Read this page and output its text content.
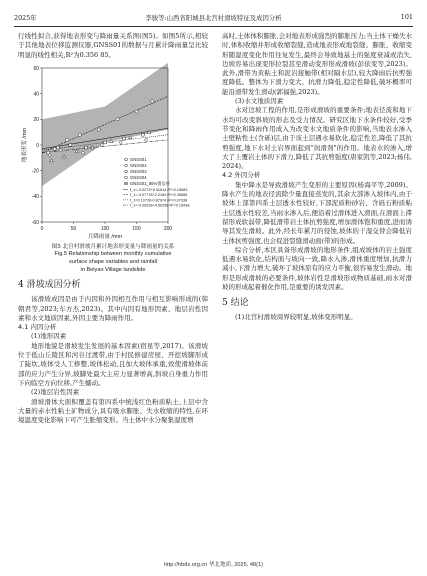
2025年	李骏等:山西省阳城县北宫村滑坡特征及成因分析	101

行线性拟合,获得地表形变与降雨量关系图(图5)。如图5所示,相较于其他地表位移监测仪器,GNSS01的数据与月累计降雨量呈比较明显的线性相关,R²为0.356 85。

0	50	100	150	200
-60
-40
-20
0
20
40
60
月降雨量 /mm
地表形变 /mm	GNSS01
GNSS02
GNSS03
GNSS04
GNSS01_95%置信带
f_1=-0.0273+8.31614 R²=0.15683
f_1=-0.07778+2.2164 R²=0.35685
f_1=0.10728-0.87974 R²=0.07338
f_1=-0.05228+4.50258 R²=0.15438
图5 北宫村滑坡月累计地表形变量与降雨量的关系
Fig.5 Relationship between monthly cumulative
surface shape variables and rainfall
in Beiyao Village landslide
4 滑坡成因分析

该滑坡成因是由于内因和外因相互作用与相互影响形成的(韩朝君等,2023;车方杰,2023)。其中内因有地形因素、地层岩性因素和水文地质因素,外因主要为降雨作用。

4.1 内因分析
(1)地形因素

地形地貌是滑坡发生发展的基本因素(宿星等,2017)。该滑坡位于低山丘陵区和河谷过渡带,由于村民修建房屋、开挖坡脚形成了陡坎,坡体受人工修整,坡体松动,且加大坡体承重,致使滑坡体前部的应力产生分异,坡脚处最大主应力显著增高,斜坡自身重力作用下向临空方向位移,产生蠕动。

(2)地层岩性因素

滑坡滑体大面积覆盖有第四系中统浅红色粉质粘土,上层中含大量的赤水性粘土矿物成分,具有吸水膨胀、失水收缩的特性,在环境温度变化影响下可产生胀缩变形。当土体中水分聚集湿度增

高时,土体体积膨胀,会对地表形成强烈的膨胀压力;当土体干燥失水时,体积收缩并形成收缩裂缝,造成地表形成地裂缝。膨胀、收缩变形随湿度变化作用往复发生,最终会导致地基土的强度衰减或消失,边坡容易出现变形拉裂甚至滑动变形形成滑坡(彭依变等,2023)。此外,滑带为黄粘土和泥岩接触带(相对隔水层),较大降雨后抗剪强度降低。整体为下滑力变大、抗滑力降低,稳定性降低,破坏概率可能沿滑带发生滑动(郭福强,2023)。

(3)水文地质因素

水对边坡工程的作用,是形成滑坡的重要条件;地表径流和地下水均可改变斜坡的形态及受力情况。研究区地下水条件较好,受季节变化和降雨作用成入为改变水文地质条件的影响,当地表水渗入土壁粘性土(含砾)层,由于该土层遇水易软化,稳定性差,降低了其抗剪强度,地下水对土岩界面起到"润滑剂"的作用。地表水的渗入,增大了上覆岩土体的下滑力,降低了其抗剪强度(唐家凯等,2023;杨伟,2024)。

4.2 外因分析

集中降水是导致滑坡产生变形的主要原因(杨海平等,2009)。降水产生的地表径流除少量直接蒸发的,其余大部渗入坡体内,由于坡体上部第四系土层透水性较好,下部泥质粉砂岩、含砾石粉质粘土层透水性较差,当雨水渗入后,便沿着过滑体进入滑面,在滑面上滞留形成软弱带,降低滑带岩土体抗剪强度,增加滑体饱和重度,进而诱导其发生滑坡。此外,经长年累月的侵蚀,坡体的干湿交替会降低岩土体抗剪强度,也会促进裂缝滑动面(带)的形成。

综合分析,本区具备形成滑坡的地形条件,组成坡体的岩土强度低遇水易软化,结构面与坡向一致,降水入渗,滑体重度增加,抗滑力减小,下滑力增大,破坏了坡体原有的应力平衡,很容易发生滑动。地形是形成滑坡的必要条件,坡体岩性是滑坡形成物质基础,雨水对滑坡的形成起着催化作用,是重要的诱发因素。

5 结论

(1)北宫村滑坡周界较明显,坡体变形明显。

http://hbdz.org.cn 华北地质, 2025, 48(1)
